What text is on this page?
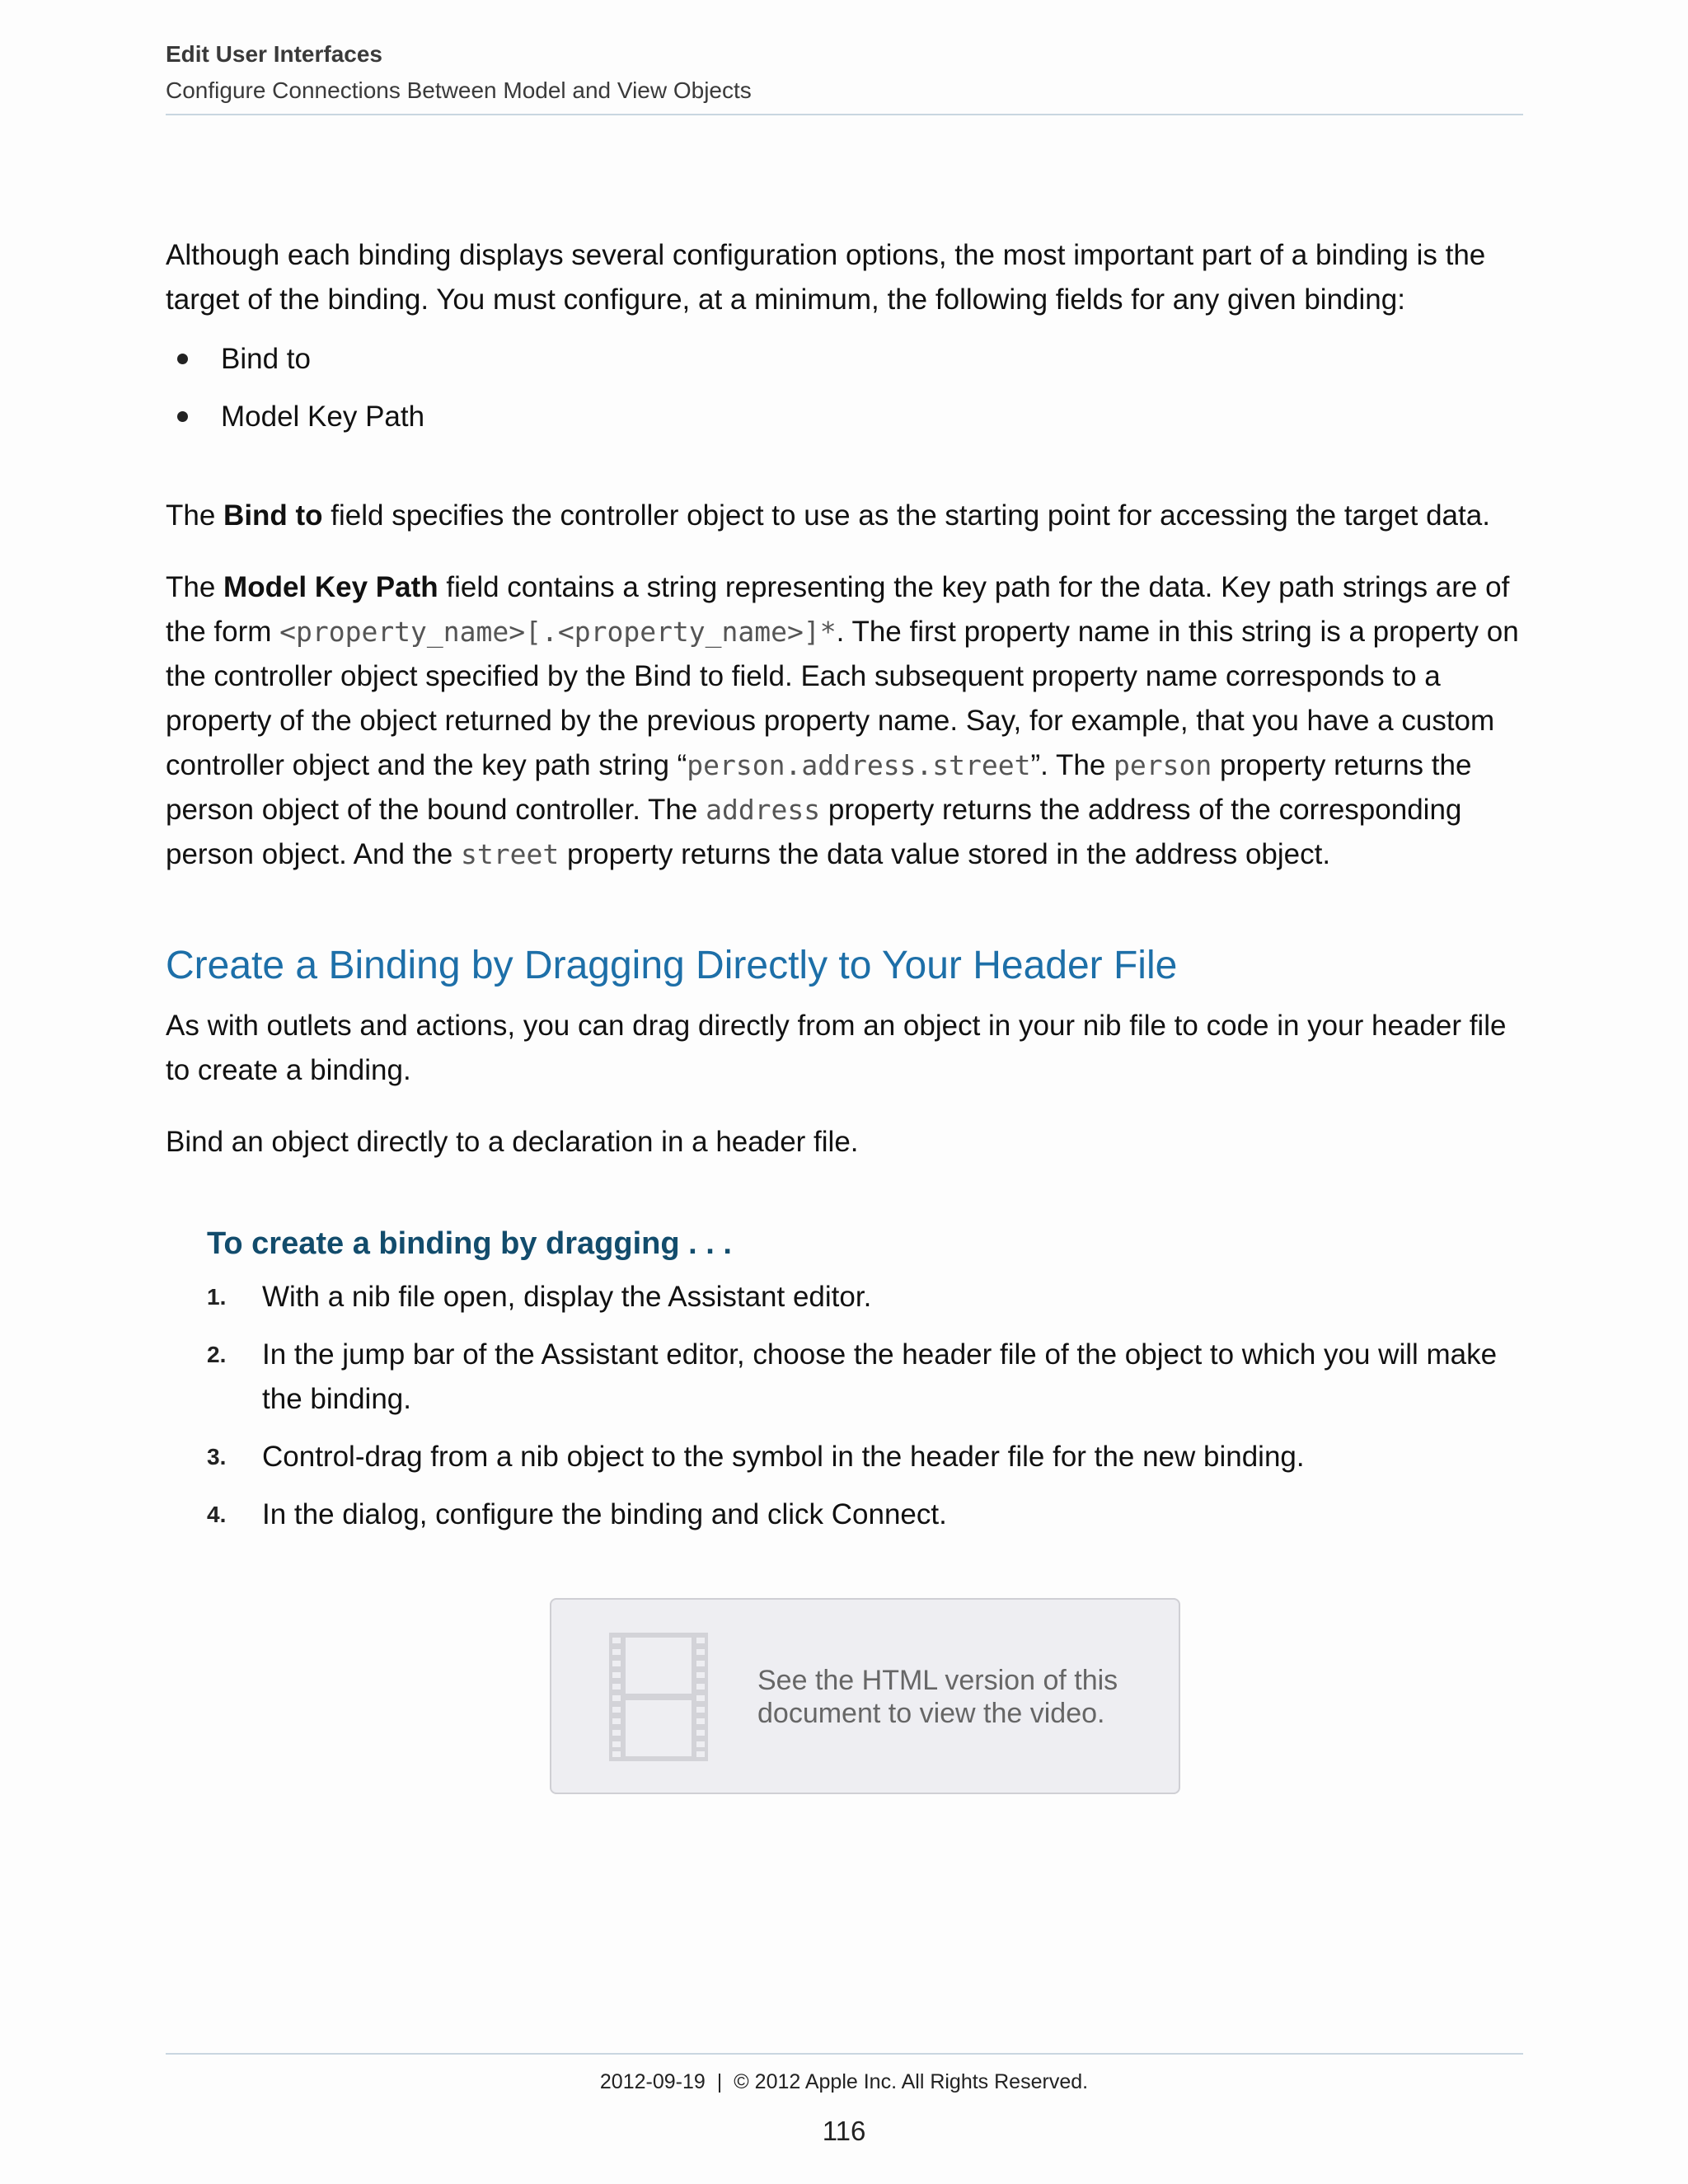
Edit User Interfaces
Configure Connections Between Model and View Objects

Although each binding displays several configuration options, the most important part of a binding is the target of the binding. You must configure, at a minimum, the following fields for any given binding:

Bind to
Model Key Path

The Bind to field specifies the controller object to use as the starting point for accessing the target data.

The Model Key Path field contains a string representing the key path for the data. Key path strings are of the form <property_name>[.<property_name>]*. The first property name in this string is a property on the controller object specified by the Bind to field. Each subsequent property name corresponds to a property of the object returned by the previous property name. Say, for example, that you have a custom controller object and the key path string “person.address.street”. The person property returns the person object of the bound controller. The address property returns the address of the corresponding person object. And the street property returns the data value stored in the address object.

Create a Binding by Dragging Directly to Your Header File

As with outlets and actions, you can drag directly from an object in your nib file to code in your header file to create a binding.

Bind an object directly to a declaration in a header file.

To create a binding by dragging . . .
1. With a nib file open, display the Assistant editor.
2. In the jump bar of the Assistant editor, choose the header file of the object to which you will make the binding.
3. Control-drag from a nib object to the symbol in the header file for the new binding.
4. In the dialog, configure the binding and click Connect.
See the HTML version of this document to view the video.
2012-09-19 | © 2012 Apple Inc. All Rights Reserved.
116
